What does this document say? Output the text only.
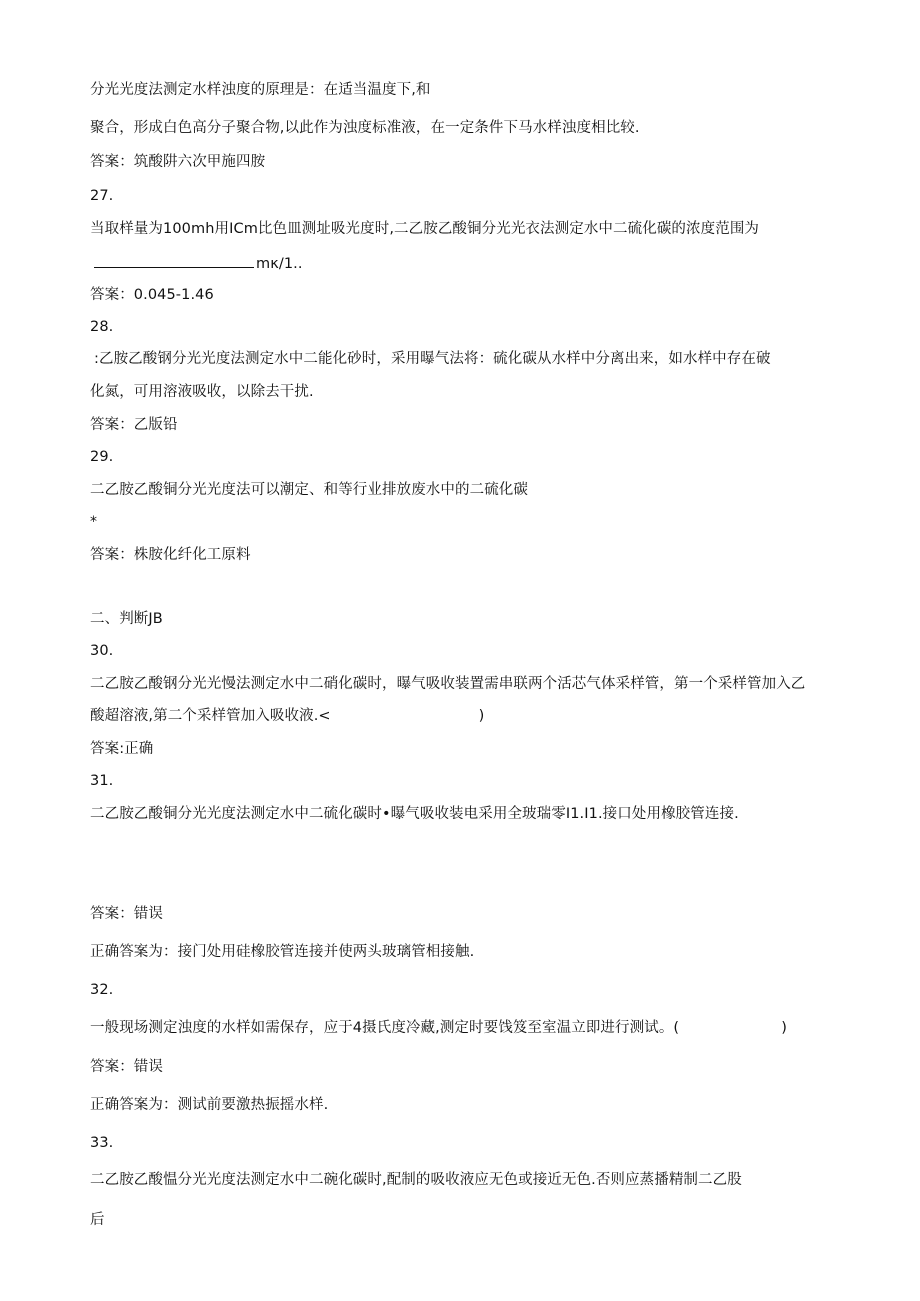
分光光度法测定水样浊度的原理是：在适当温度下,和
聚合，形成白色高分子聚合物,以此作为浊度标准液，在一定条件下马水样浊度相比较.
答案：筑酸阱六次甲施四胺
27.
当取样量为100mh用ICm比色皿测址吸光度时,二乙胺乙酸铜分光光衣法测定水中二硫化碳的浓度范围为
mκ/1..
答案：0.045-1.46
28.
:乙胺乙酸钢分光光度法测定水中二能化砂时，采用曝气法将：硫化碳从水样中分离出来，如水样中存在破
化氮，可用溶液吸收，以除去干扰.
答案：乙版铅
29.
二乙胺乙酸铜分光光度法可以潮定、和等行业排放废水中的二硫化碳
*
答案：株胺化纤化工原料
二、判断JB
30.
二乙胺乙酸钢分光光慢法测定水中二硝化碳时，曝气吸收装置需串联两个活芯气体采样管，第一个采样管加入乙
酸超溶液,第二个采样管加入吸收液.<	)
答案:正确
31.
二乙胺乙酸铜分光光度法测定水中二硫化碳时•曝气吸收装电采用全玻瑞零I1.I1.接口处用橡胶管连接.
答案：错误
正确答案为：接门处用硅橡胶管连接并使两头玻璃管相接触.
32.
一般现场测定浊度的水样如需保存，应于4摄氏度冷藏,测定时要饯笈至室温立即进行测试。(	)
答案：错误
正确答案为：测试前要激热振摇水样.
33.
二乙胺乙酸愠分光光度法测定水中二碗化碳时,配制的吸收液应无色或接近无色.否则应蒸播精制二乙股
后
